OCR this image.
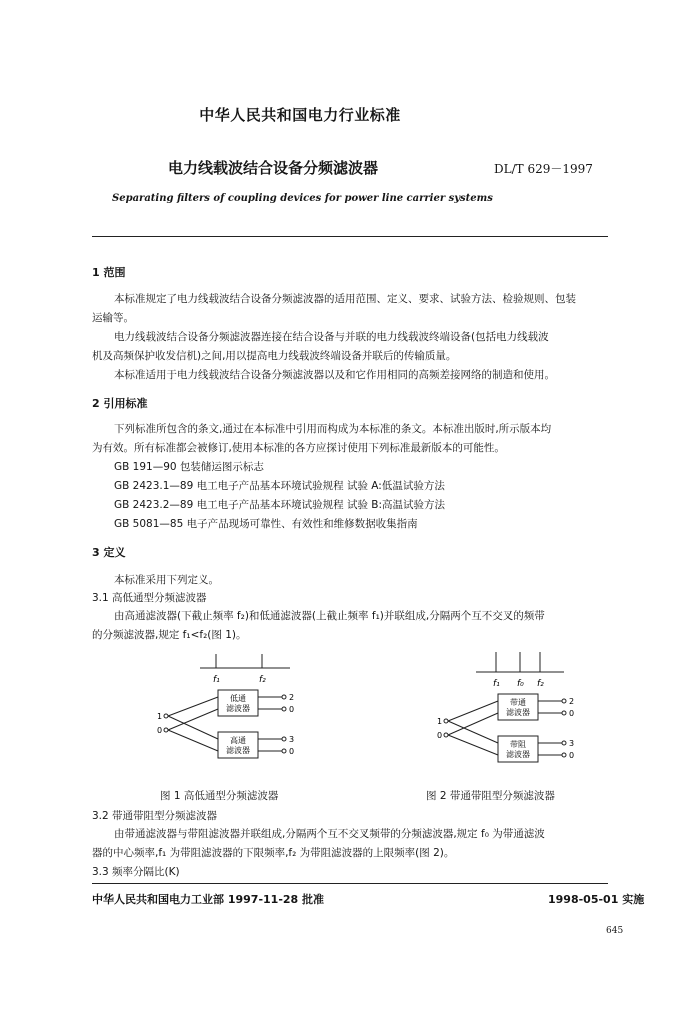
中华人民共和国电力行业标准
电力线载波结合设备分频滤波器	DL/T 629－1997
Separating filters of coupling devices for power line carrier systems
1 范围
本标准规定了电力线载波结合设备分频滤波器的适用范围、定义、要求、试验方法、检验规则、包装
运输等。
电力线载波结合设备分频滤波器连接在结合设备与并联的电力线载波终端设备(包括电力线载波
机及高频保护收发信机)之间,用以提高电力线载波终端设备并联后的传输质量。
本标准适用于电力线载波结合设备分频滤波器以及和它作用相同的高频差接网络的制造和使用。
2 引用标准
下列标准所包含的条文,通过在本标准中引用而构成为本标准的条文。本标准出版时,所示版本均
为有效。所有标准都会被修订,使用本标准的各方应探讨使用下列标准最新版本的可能性。
GB 191—90 包装储运图示标志
GB 2423.1—89 电工电子产品基本环境试验规程 试验 A:低温试验方法
GB 2423.2—89 电工电子产品基本环境试验规程 试验 B:高温试验方法
GB 5081—85 电子产品现场可靠性、有效性和维修数据收集指南
3 定义
本标准采用下列定义。
3.1 高低通型分频滤波器
由高通滤波器(下截止频率 f₂)和低通滤波器(上截止频率 f₁)并联组成,分隔两个互不交叉的频带
的分频滤波器,规定 f₁<f₂(图 1)。
f₁	f₂
低通
滤波器
高通
滤波器
1
0
2
0
3
0
图 1 高低通型分频滤波器
f₁ f₀ f₂
带通
滤波器
带阻
滤波器
1
0
2
0
3
0
图 2 带通带阻型分频滤波器
3.2 带通带阻型分频滤波器
由带通滤波器与带阻滤波器并联组成,分隔两个互不交叉频带的分频滤波器,规定 f₀ 为带通滤波
器的中心频率,f₁ 为带阻滤波器的下限频率,f₂ 为带阻滤波器的上限频率(图 2)。
3.3 频率分隔比(K)
中华人民共和国电力工业部 1997-11-28 批准	1998-05-01 实施
645
